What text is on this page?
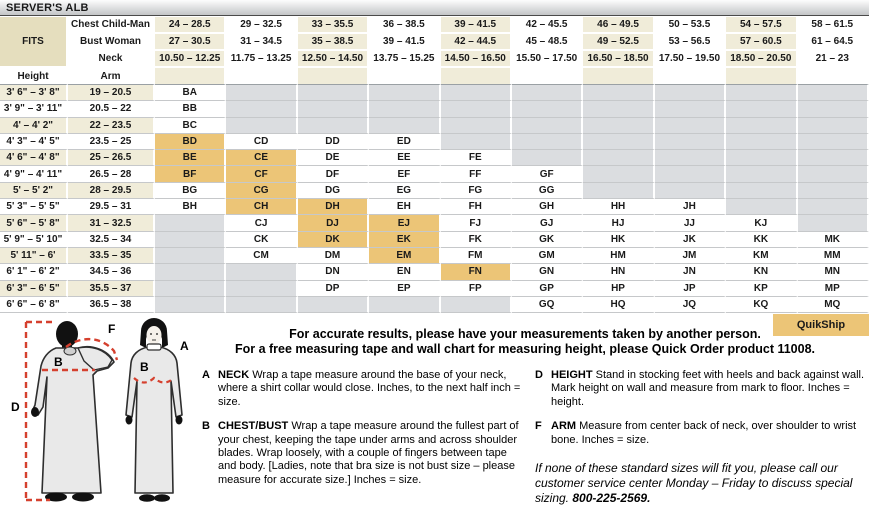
SERVER'S ALB
FITS	Chest Child-Man	24 – 28.5	29 – 32.5	33 – 35.5	36 – 38.5	39 – 41.5	42 – 45.5	46 – 49.5	50 – 53.5	54 – 57.5	58 – 61.5
	Bust Woman	27 – 30.5	31 – 34.5	35 – 38.5	39 – 41.5	42 – 44.5	45 – 48.5	49 – 52.5	53 – 56.5	57 – 60.5	61 – 64.5
	Neck	10.50 – 12.25	11.75 – 13.25	12.50 – 14.50	13.75 – 15.25	14.50 – 16.50	15.50 – 17.50	16.50 – 18.50	17.50 – 19.50	18.50 – 20.50	21 – 23
Height	Arm										
3' 6" – 3' 8"	19 – 20.5	BA									
3' 9" – 3' 11"	20.5 – 22	BB									
4' – 4' 2"	22 – 23.5	BC									
4' 3" – 4' 5"	23.5 – 25	BD	CD	DD	ED						
4' 6" – 4' 8"	25 – 26.5	BE	CE	DE	EE	FE					
4' 9" – 4' 11"	26.5 – 28	BF	CF	DF	EF	FF	GF				
5' – 5' 2"	28 – 29.5	BG	CG	DG	EG	FG	GG				
5' 3" – 5' 5"	29.5 – 31	BH	CH	DH	EH	FH	GH	HH	JH		
5' 6" – 5' 8"	31 – 32.5		CJ	DJ	EJ	FJ	GJ	HJ	JJ	KJ	
5' 9" – 5' 10"	32.5 – 34		CK	DK	EK	FK	GK	HK	JK	KK	MK
5' 11" – 6'	33.5 – 35		CM	DM	EM	FM	GM	HM	JM	KM	MM
6' 1" – 6' 2"	34.5 – 36			DN	EN	FN	GN	HN	JN	KN	MN
6' 3" – 6' 5"	35.5 – 37			DP	EP	FP	GP	HP	JP	KP	MP
6' 6" – 6' 8"	36.5 – 38						GQ	HQ	JQ	KQ	MQ
QuikShip
D
B
F
A
B
For accurate results, please have your measurements taken by another person.
For a free measuring tape and wall chart for measuring height, please Quick Order product 11008.
A NECK Wrap a tape measure around the base of your neck, where a shirt collar would close. Inches, to the next half inch = size.
B CHEST/BUST Wrap a tape measure around the fullest part of your chest, keeping the tape under arms and across shoulder blades. Wrap loosely, with a couple of fingers between tape and body. [Ladies, note that bra size is not bust size – please measure for accurate size.] Inches = size.
D HEIGHT Stand in stocking feet with heels and back against wall. Mark height on wall and measure from mark to floor. Inches = height.
F ARM Measure from center back of neck, over shoulder to wrist bone. Inches = size.
If none of these standard sizes will fit you, please call our customer service center Monday – Friday to discuss special sizing. 800-225-2569.
